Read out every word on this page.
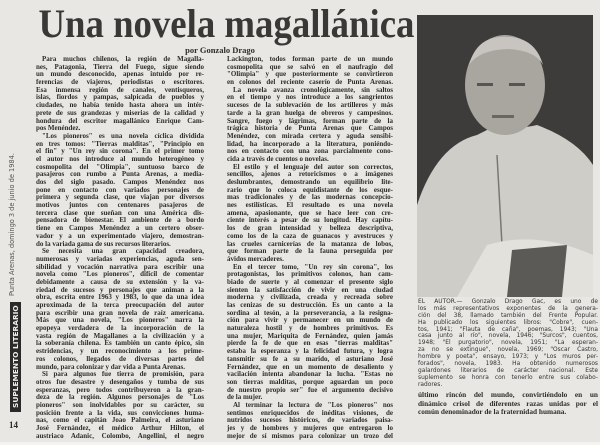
Punta Arenas, domingo 3 de junio de 1984.
SUPLEMENTO LITERARIO
14
Una novela magallánica
por Gonzalo Drago
Para muchos chilenos, la región de Magalla-
nes, Patagonia, Tierra del Fuego, sigue siendo
un mundo desconocido, apenas intuido por re-
ferencias de viajeros, periodistas o escritores.
Esa inmensa región de canales, ventisqueros,
islas, fiordos y pampas, salpicada de pueblos y
ciudades, no había tenido hasta ahora un intér-
prete de sus grandezas y miserias de la calidad y
hondura del escritor magallánico Enrique Cam-
pos Menéndez.
"Los pioneros" es una novela cíclica dividida
en tres tomos: "Tierras malditas", "Principio en
el fin" y "Un rey sin corona". En el primer tomo
el autor nos introduce al mundo heterogéneo y
cosmopolita del "Olimpia", suntuoso barco de
pasajeros con rumbo a Punta Arenas, a media-
dos del siglo pasado. Campos Menéndez nos
pone en contacto con variados personajes de
primera y segunda clase, que viajan por diversos
motivos juntos con centenares pasajeros de
tercera clase que sueñan con una América dis-
pensadora de bienestar. El ambiente de a bordo
tiene en Campos Menéndez a un certero obser-
vador y a un experimentado viajero, demostran-
do la variada gama de sus recursos literarios.
Se necesita una gran capacidad creadora,
numerosas y variadas experiencias, aguda sen-
sibilidad y vocación narrativa para escribir una
novela como "Los pioneros", difícil de comentar
debidamente a causa de su extensión y la va-
riedad de sucesos y personajes que animan a la
obra, escrita entre 1963 y 1983, lo que da una idea
aproximada de la terca preocupación del autor
para escribir una gran novela de raíz americana.
Más que una novela, "Los pioneros" narra la
epopeya verdadera de la incorporación de la
vasta región de Magallanes a la civilización y a
la soberanía chilena. Es también un canto épico, sin
estridencias, y un reconocimiento a los prime-
ros colonos, llegados de diversas partes del
mundo, para colonizar y dar vida a Punta Arenas.
Si para algunos fue tierra de promisión, para
otros fue desastre y desengaños y tumba de sus
esperanzas, pero todos contribuyeron a la gran-
deza de la región. Algunos personajes de "Los
pioneros" son inolvidables por su carácter, su
posición frente a la vida, sus convicciones huma-
nas, como el capitán Joao Palmeira, el asturiano
José Fernández, el médico Arthur Hilton, el
austriaco Adanic, Colombo, Angellini, el negro
Lackington, todos forman parte de un mundo
cosmopolita que se salvó en el naufragio del
"Olimpia" y que posteriormente se convirtieron
en colonos del reciente caserío de Punta Arenas.
La novela avanza cronológicamente, sin saltos
en el tiempo y nos introduce a los sangrientos
sucesos de la sublevación de los artilleros y más
tarde a la gran huelga de obreros y campesinos.
Sangre, fuego y lágrimas, forman parte de la
trágica historia de Punta Arenas que Campos
Menéndez, con mirada certera y aguda sensibi-
lidad, ha incorporado a la literatura, poniéndo-
nos en contacto con una zona parcialmente cono-
cida a través de cuentos o novelas.
El estilo y el lenguaje del autor son correctos,
sencillos, ajenos a retoricismos o a imágenes
deslumbrantes, demostrando un equilibrio lite-
rario que lo coloca equidistante de los esque-
mas tradicionales y de las modernas concepcio-
nes estilísticas. El resultado es una novela
amena, apasionante, que se hace leer con cre-
ciente interés a pesar de su longitud. Hay capítu-
los de gran intensidad y belleza descriptiva,
como los de la caza de guanacos y avestruces y
las crueles carnicerías de la matanza de lobos,
que forman parte de la fauna perseguida por
ávidos mercaderes.
En el tercer tomo, "Un rey sin corona", los
protagonistas, los primitivos colonos, han cam-
biado de suerte y al comenzar el presente siglo
sienten la satisfacción de vivir en una ciudad
moderna y civilizada, creada y recreada sobre
las cenizas de su destrucción. Es un canto a la
sordina al tesón, a la perseverancia, a la resigna-
ción para vivir y permanecer en un mundo de
naturaleza hostil y de hombres primitivos. Es
una mujer, Mariquita de Fernández, quien jamás
pierde la fe de que en esas "tierras malditas"
estaba la esperanza y la felicidad futura, y logra
tansmitir su fe a su marido, el asturiano José
Fernández, que en un momento de desaliento y
vacilación intenta abandonar la lucha. "Estas no
son tierras malditas, porque aguardan un poco
de nuestro propio ser" fue el argumento decisivo
de la mujer.
Al terminar la lectura de "Los pioneros" nos
sentimos enriquecidos de inéditas visiones, de
nutridos sucesos históricos, de variados paisa-
jes y de hombres y mujeres que entregaron lo
mejor de sí mismos para colonizar un trozo del
EL AUTOR.— Gonzalo Drago Gac, es uno de
los más representativos exponentes de la genera-
ción del 38, llamado también del Frente Popular.
Ha publicado los siguientes libros: "Cobre", cuen-
tos, 1941; "Flauta de caña", poemas, 1943; "Una
casa junto al río", novela, 1946; "Surcos", cuentos,
1948; "El purgatorio", novela, 1951; "La esperan-
za no se extingue", novela, 1969; "Oscar Castro,
hombre y poeta", ensayo, 1973; y "Los muros per-
forados", novela, 1983. Ha obtenido numerosos
galardones literarios de carácter nacional. Este
suplemento se honra con tenerlo entre sus colabo-
radores.
último rincón del mundo, convirtiéndolo en un
dinámico crisol de diferentes razas unidas por el
común denominador de la fraternidad humana.
